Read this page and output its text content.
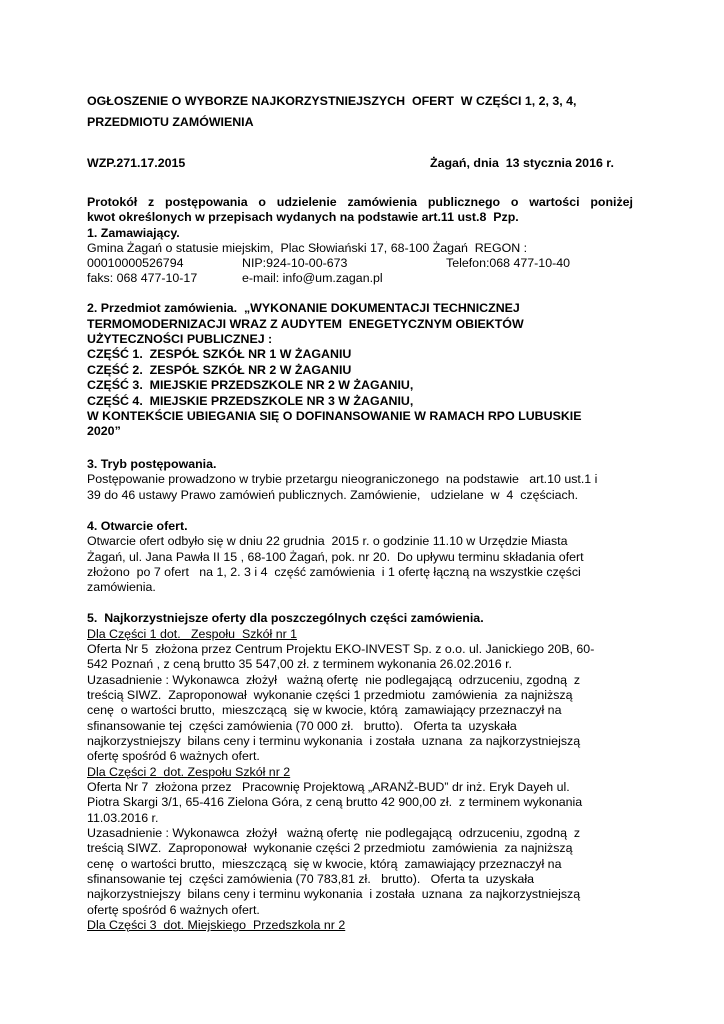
OGŁOSZENIE O WYBORZE NAJKORZYSTNIEJSZYCH  OFERT  W CZĘŚCI 1, 2, 3, 4,
PRZEDMIOTU ZAMÓWIENIA
WZP.271.17.2015	Żagań, dnia  13 stycznia 2016 r.
Protokół z postępowania o udzielenie zamówienia publicznego o wartości poniżej
kwot określonych w przepisach wydanych na podstawie art.11 ust.8  Pzp.
1. Zamawiający.
Gmina Żagań o statusie miejskim,  Plac Słowiański 17, 68-100 Żagań  REGON :
00010000526794	NIP:924-10-00-673	Telefon:068 477-10-40
faks: 068 477-10-17	e-mail: info@um.zagan.pl
2. Przedmiot zamówienia.  „WYKONANIE DOKUMENTACJI TECHNICZNEJ
TERMOMODERNIZACJI WRAZ Z AUDYTEM  ENEGETYCZNYM OBIEKTÓW
UŻYTECZNOŚCI PUBLICZNEJ :
CZĘŚĆ 1.  ZESPÓŁ SZKÓŁ NR 1 W ŻAGANIU
CZĘŚĆ 2.  ZESPÓŁ SZKÓŁ NR 2 W ŻAGANIU
CZĘŚĆ 3.  MIEJSKIE PRZEDSZKOLE NR 2 W ŻAGANIU,
CZĘŚĆ 4.  MIEJSKIE PRZEDSZKOLE NR 3 W ŻAGANIU,
W KONTEKŚCIE UBIEGANIA SIĘ O DOFINANSOWANIE W RAMACH RPO LUBUSKIE
2020”
3. Tryb postępowania.
Postępowanie prowadzono w trybie przetargu nieograniczonego  na podstawie   art.10 ust.1 i
39 do 46 ustawy Prawo zamówień publicznych. Zamówienie,   udzielane  w  4  częściach.
4. Otwarcie ofert.
Otwarcie ofert odbyło się w dniu 22 grudnia  2015 r. o godzinie 11.10 w Urzędzie Miasta
Żagań, ul. Jana Pawła II 15 , 68-100 Żagań, pok. nr 20.  Do upływu terminu składania ofert
złożono  po 7 ofert   na 1, 2. 3 i 4  część zamówienia  i 1 ofertę łączną na wszystkie części
zamówienia.
5.  Najkorzystniejsze oferty dla poszczególnych części zamówienia.
Dla Części 1 dot.   Zespołu  Szkół nr 1
Oferta Nr 5  złożona przez Centrum Projektu EKO-INVEST Sp. z o.o. ul. Janickiego 20B, 60-
542 Poznań , z ceną brutto 35 547,00 zł. z terminem wykonania 26.02.2016 r.
Uzasadnienie : Wykonawca  złożył   ważną ofertę  nie podlegającą  odrzuceniu, zgodną  z
treścią SIWZ.  Zaproponował  wykonanie części 1 przedmiotu  zamówienia  za najniższą
cenę  o wartości brutto,  mieszczącą  się w kwocie, którą  zamawiający przeznaczył na
sfinansowanie tej  części zamówienia (70 000 zł.   brutto).   Oferta ta  uzyskała
najkorzystniejszy  bilans ceny i terminu wykonania  i została  uznana  za najkorzystniejszą
ofertę spośród 6 ważnych ofert.
Dla Części 2  dot. Zespołu Szkół nr 2
Oferta Nr 7  złożona przez   Pracownię Projektową „ARANŻ-BUD” dr inż. Eryk Dayeh ul.
Piotra Skargi 3/1, 65-416 Zielona Góra, z ceną brutto 42 900,00 zł.  z terminem wykonania
11.03.2016 r.
Uzasadnienie : Wykonawca  złożył   ważną ofertę  nie podlegającą  odrzuceniu, zgodną  z
treścią SIWZ.  Zaproponował  wykonanie części 2 przedmiotu  zamówienia  za najniższą
cenę  o wartości brutto,  mieszczącą  się w kwocie, którą  zamawiający przeznaczył na
sfinansowanie tej  części zamówienia (70 783,81 zł.   brutto).   Oferta ta  uzyskała
najkorzystniejszy  bilans ceny i terminu wykonania  i została  uznana  za najkorzystniejszą
ofertę spośród 6 ważnych ofert.
Dla Części 3  dot. Miejskiego  Przedszkola nr 2
